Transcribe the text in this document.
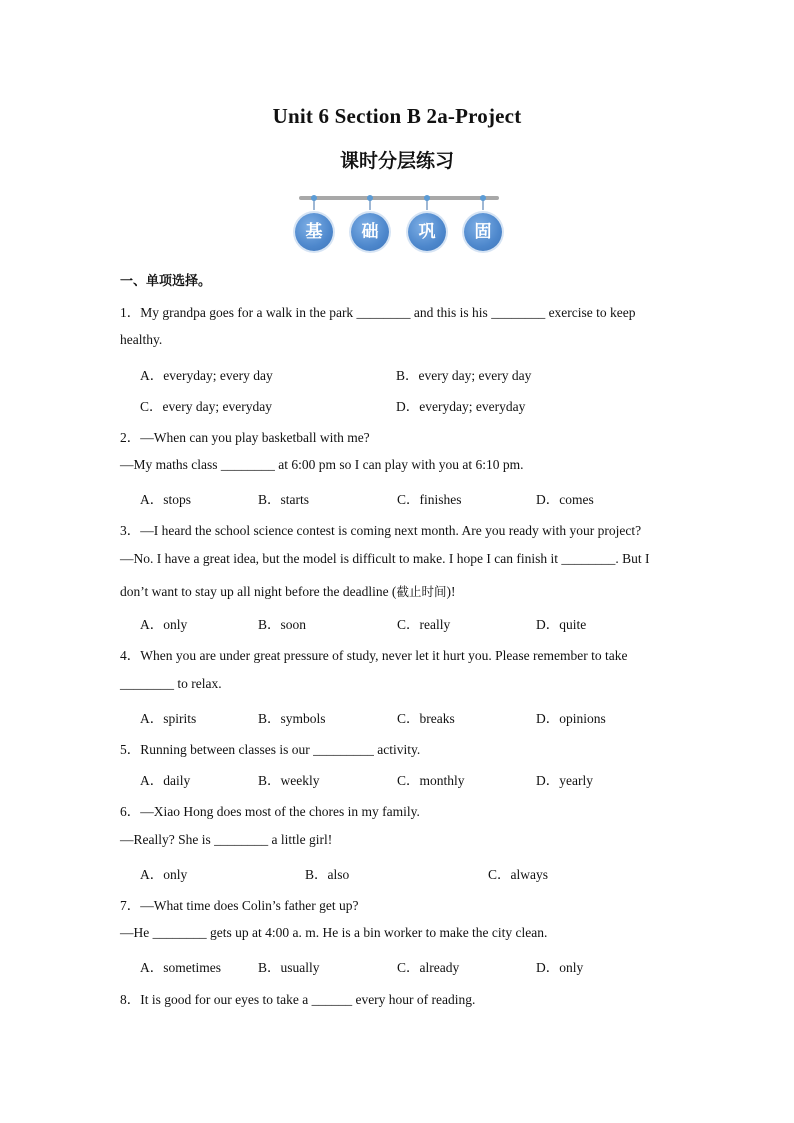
Unit 6 Section B 2a-Project
课时分层练习
基	础	巩	固
一、单项选择。
1．My grandpa goes for a walk in the park ________ and this is his ________ exercise to keep
healthy.
A．everyday; every day	B．every day; every day
C．every day; everyday	D．everyday; everyday
2．—When can you play basketball with me?
—My maths class ________ at 6:00 pm so I can play with you at 6:10 pm.
A．stops	B．starts	C．finishes	D．comes
3．—I heard the school science contest is coming next month. Are you ready with your project?
—No. I have a great idea, but the model is difficult to make. I hope I can finish it ________. But I
don’t want to stay up all night before the deadline (截止时间)!
A．only	B．soon	C．really	D．quite
4．When you are under great pressure of study, never let it hurt you. Please remember to take
________ to relax.
A．spirits	B．symbols	C．breaks	D．opinions
5．Running between classes is our _________ activity.
A．daily	B．weekly	C．monthly	D．yearly
6．—Xiao Hong does most of the chores in my family.
—Really? She is ________ a little girl!
A．only	B．also	C．always
7．—What time does Colin’s father get up?
—He ________ gets up at 4:00 a. m. He is a bin worker to make the city clean.
A．sometimes	B．usually	C．already	D．only
8．It is good for our eyes to take a ______ every hour of reading.
